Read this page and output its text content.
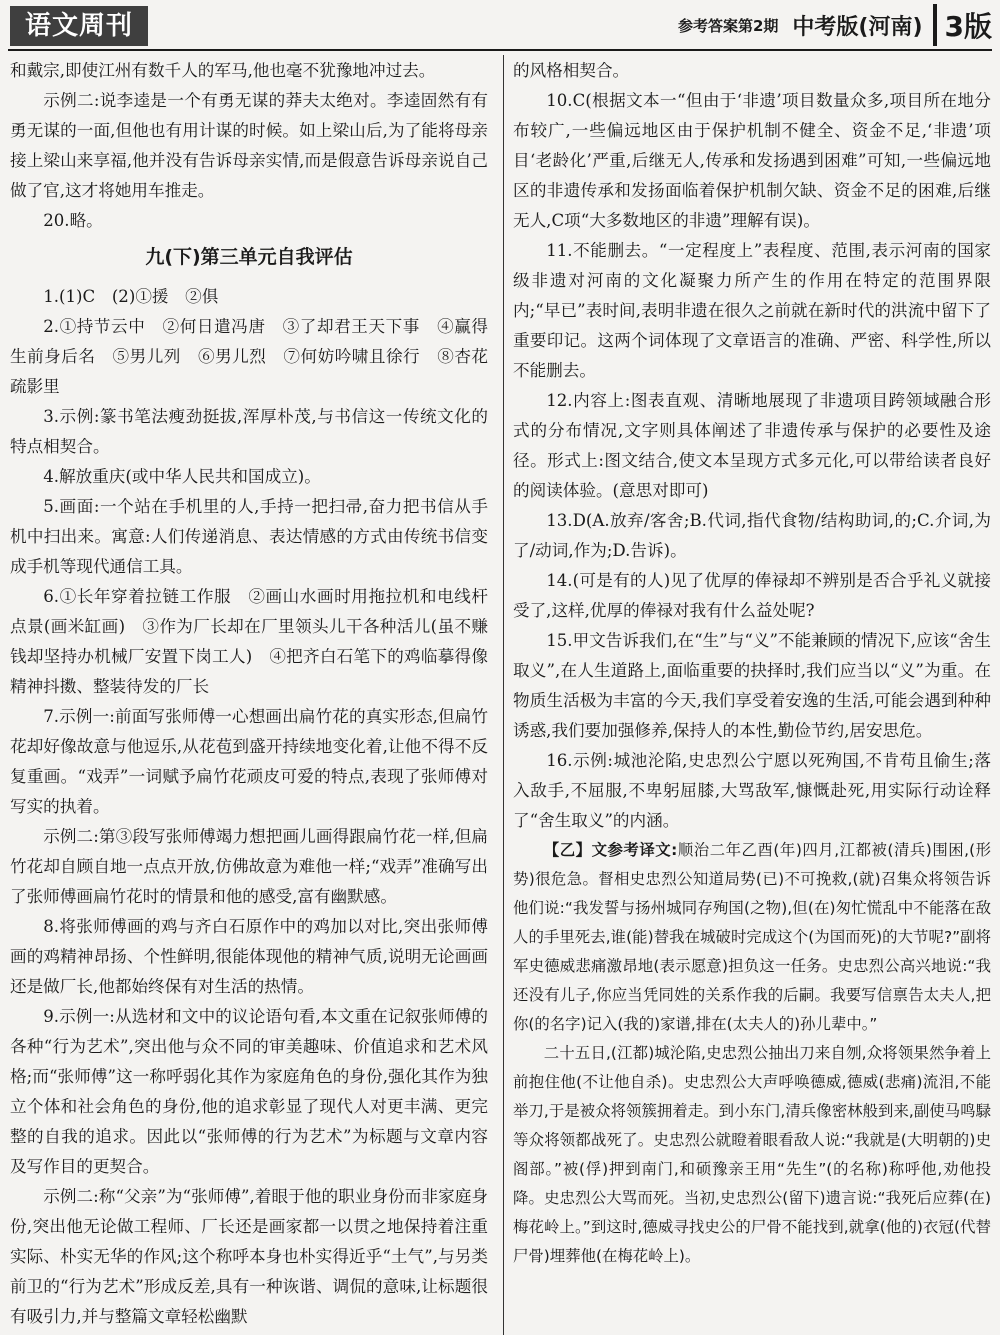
语文周刊	参考答案第2期 中考版(河南) 3版

和戴宗,即使江州有数千人的军马,他也毫不犹豫地冲过去。

示例二:说李逵是一个有勇无谋的莽夫太绝对。李逵固然有有勇无谋的一面,但他也有用计谋的时候。如上梁山后,为了能将母亲接上梁山来享福,他并没有告诉母亲实情,而是假意告诉母亲说自己做了官,这才将她用车推走。

20.略。

九(下)第三单元自我评估

1.(1)C　(2)①援　②俱

2.①持节云中　②何日遣冯唐　③了却君王天下事　④赢得生前身后名　⑤男儿列　⑥男儿烈　⑦何妨吟啸且徐行　⑧杏花疏影里

3.示例:篆书笔法瘦劲挺拔,浑厚朴茂,与书信这一传统文化的特点相契合。

4.解放重庆(或中华人民共和国成立)。

5.画面:一个站在手机里的人,手持一把扫帚,奋力把书信从手机中扫出来。寓意:人们传递消息、表达情感的方式由传统书信变成手机等现代通信工具。

6.①长年穿着拉链工作服　②画山水画时用拖拉机和电线杆点景(画米缸画)　③作为厂长却在厂里领头儿干各种活儿(虽不赚钱却坚持办机械厂安置下岗工人)　④把齐白石笔下的鸡临摹得像精神抖擞、整装待发的厂长

7.示例一:前面写张师傅一心想画出扁竹花的真实形态,但扁竹花却好像故意与他逗乐,从花苞到盛开持续地变化着,让他不得不反复重画。“戏弄”一词赋予扁竹花顽皮可爱的特点,表现了张师傅对写实的执着。

示例二:第③段写张师傅竭力想把画儿画得跟扁竹花一样,但扁竹花却自顾自地一点点开放,仿佛故意为难他一样;“戏弄”准确写出了张师傅画扁竹花时的情景和他的感受,富有幽默感。

8.将张师傅画的鸡与齐白石原作中的鸡加以对比,突出张师傅画的鸡精神昂扬、个性鲜明,很能体现他的精神气质,说明无论画画还是做厂长,他都始终保有对生活的热情。

9.示例一:从选材和文中的议论语句看,本文重在记叙张师傅的各种“行为艺术”,突出他与众不同的审美趣味、价值追求和艺术风格;而“张师傅”这一称呼弱化其作为家庭角色的身份,强化其作为独立个体和社会角色的身份,他的追求彰显了现代人对更丰满、更完整的自我的追求。因此以“张师傅的行为艺术”为标题与文章内容及写作目的更契合。

示例二:称“父亲”为“张师傅”,着眼于他的职业身份而非家庭身份,突出他无论做工程师、厂长还是画家都一以贯之地保持着注重实际、朴实无华的作风;这个称呼本身也朴实得近乎“土气”,与另类前卫的“行为艺术”形成反差,具有一种诙谐、调侃的意味,让标题很有吸引力,并与整篇文章轻松幽默

的风格相契合。

10.C(根据文本一“但由于‘非遗’项目数量众多,项目所在地分布较广,一些偏远地区由于保护机制不健全、资金不足,‘非遗’项目‘老龄化’严重,后继无人,传承和发扬遇到困难”可知,一些偏远地区的非遗传承和发扬面临着保护机制欠缺、资金不足的困难,后继无人,C项“大多数地区的非遗”理解有误)。

11.不能删去。“一定程度上”表程度、范围,表示河南的国家级非遗对河南的文化凝聚力所产生的作用在特定的范围界限内;“早已”表时间,表明非遗在很久之前就在新时代的洪流中留下了重要印记。这两个词体现了文章语言的准确、严密、科学性,所以不能删去。

12.内容上:图表直观、清晰地展现了非遗项目跨领域融合形式的分布情况,文字则具体阐述了非遗传承与保护的必要性及途径。形式上:图文结合,使文本呈现方式多元化,可以带给读者良好的阅读体验。(意思对即可)

13.D(A.放弃/客舍;B.代词,指代食物/结构助词,的;C.介词,为了/动词,作为;D.告诉)。

14.(可是有的人)见了优厚的俸禄却不辨别是否合乎礼义就接受了,这样,优厚的俸禄对我有什么益处呢?

15.甲文告诉我们,在“生”与“义”不能兼顾的情况下,应该“舍生取义”,在人生道路上,面临重要的抉择时,我们应当以“义”为重。在物质生活极为丰富的今天,我们享受着安逸的生活,可能会遇到种种诱惑,我们要加强修养,保持人的本性,勤俭节约,居安思危。

16.示例:城池沦陷,史忠烈公宁愿以死殉国,不肯苟且偷生;落入敌手,不屈服,不卑躬屈膝,大骂敌军,慷慨赴死,用实际行动诠释了“舍生取义”的内涵。

【乙】文参考译文:顺治二年乙酉(年)四月,江都被(清兵)围困,(形势)很危急。督相史忠烈公知道局势(已)不可挽救,(就)召集众将领告诉他们说:“我发誓与扬州城同存殉国(之物),但(在)匆忙慌乱中不能落在敌人的手里死去,谁(能)替我在城破时完成这个(为国而死)的大节呢?”副将军史德威悲痛激昂地(表示愿意)担负这一任务。史忠烈公高兴地说:“我还没有儿子,你应当凭同姓的关系作我的后嗣。我要写信禀告太夫人,把你(的名字)记入(我的)家谱,排在(太夫人的)孙儿辈中。”

二十五日,(江都)城沦陷,史忠烈公抽出刀来自刎,众将领果然争着上前抱住他(不让他自杀)。史忠烈公大声呼唤德威,德威(悲痛)流泪,不能举刀,于是被众将领簇拥着走。到小东门,清兵像密林般到来,副使马鸣騄等众将领都战死了。史忠烈公就瞪着眼看敌人说:“我就是(大明朝的)史阁部。”被(俘)押到南门,和硕豫亲王用“先生”(的名称)称呼他,劝他投降。史忠烈公大骂而死。当初,史忠烈公(留下)遗言说:“我死后应葬(在)梅花岭上。”到这时,德威寻找史公的尸骨不能找到,就拿(他的)衣冠(代替尸骨)埋葬他(在梅花岭上)。
